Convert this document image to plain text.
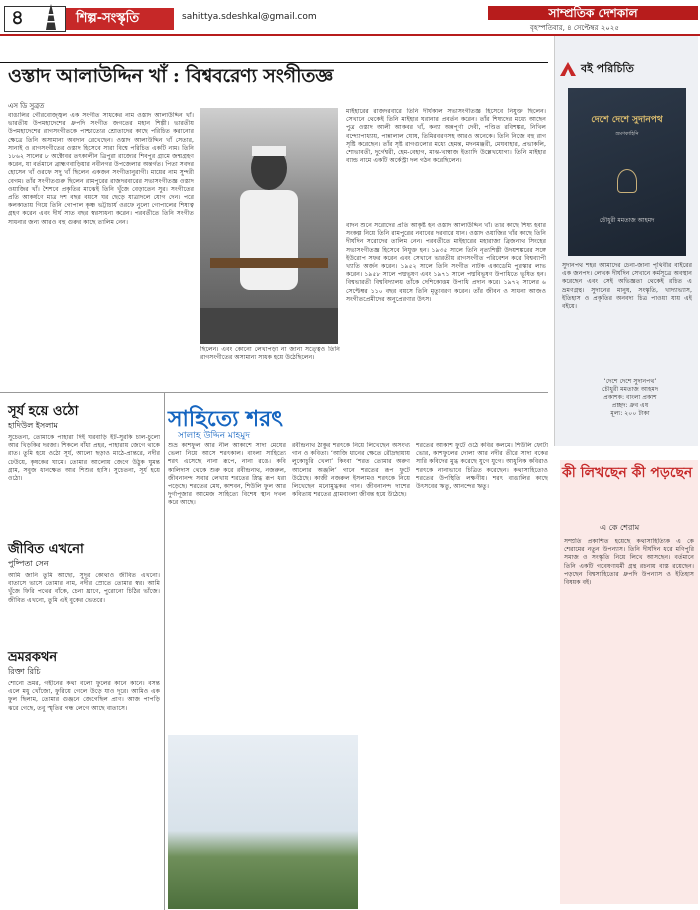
৪	শিল্প-সংস্কৃতি	sahittya.sdeshkal@gmail.com	সাম্প্রতিক দেশকাল
বৃহস্পতিবার, ৪ সেপ্টেম্বর ২০২৫
ওস্তাদ আলাউদ্দিন খাঁ : বিশ্ববরেণ্য সংগীতজ্ঞ
এস ডি সুব্রত
বাঙালির গৌরবোজ্জ্বল এক সংগীত সাধকের নাম ওস্তাদ আলাউদ্দিন খাঁ। ভারতীয় উপমহাদেশের ধ্রুপদি সংগীত জগতের মহান শিল্পী। ভারতীয় উপমহাদেশের রাগসংগীতকে পাশ্চাত্যের শ্রোতাদের কাছে পরিচিত করানোর ক্ষেত্রে তিনি অসামান্য অবদান রেখেছেন। ওস্তাদ আলাউদ্দিন খাঁ সেতার, সানাই ও রাগসংগীতের ওস্তাদ হিসেবে সারা বিশ্বে পরিচিত একটি নাম। তিনি ১৮৬২ সালের ৮ অক্টোবর তৎকালীন ত্রিপুরা রাজ্যের শিবপুর গ্রামে জন্মগ্রহণ করেন, যা বর্তমানে ব্রাহ্মণবাড়িয়ার নবীনগর উপজেলার অন্তর্গত। পিতা সবদর হোসেন খাঁ ওরফে সদু খাঁ ছিলেন একজন সংগীতানুরাগী। মায়ের নাম সুন্দরী বেগম। তাঁর সংগীতগুরু ছিলেন রামপুরের রাজদরবারের সভাসংগীতজ্ঞ ওস্তাদ ওয়াজির খাঁ। শৈশবে প্রকৃতির মাঝেই তিনি খুঁজে বেড়াতেন সুর। সংগীতের প্রতি আকর্ষণে মাত্র দশ বছর বয়সে ঘর ছেড়ে যাত্রাদলে যোগ দেন। পরে কলকাতায় গিয়ে তিনি গোপাল কৃষ্ণ ভট্টাচার্য ওরফে নুলো গোপালের শিষ্যত্ব গ্রহণ করেন এবং দীর্ঘ সাত বছর স্বরসাধনা করেন। পরবর্তীতে তিনি সংগীত সাধনার জন্য আরও বহু গুরুর কাছে তালিম নেন।
ছিলেন। এবং কোনো লেখাপড়া না জানা সত্ত্বেও তিনি রাগসংগীতের অসামান্য সাধক হয়ে উঠেছিলেন।
মাইহারের রাজদরবারে তিনি দীর্ঘকাল সভাসংগীতজ্ঞ হিসেবে নিযুক্ত ছিলেন। সেখানে থেকেই তিনি মাইহার ঘরানার প্রবর্তন করেন। তাঁর শিষ্যদের মধ্যে আছেন পুত্র ওস্তাদ আলী আকবর খাঁ, কন্যা অন্নপূর্ণা দেবী, পণ্ডিত রবিশঙ্কর, নিখিল বন্দ্যোপাধ্যায়, পান্নালাল ঘোষ, তিমিরবরণসহ আরও অনেকে। তিনি নিজে বহু রাগ সৃষ্টি করেছেন। তাঁর সৃষ্ট রাগগুলোর মধ্যে হেমন্ত, মদনমঞ্জরী, মেঘবাহার, প্রভাকলি, শোভাবতী, দুর্গেশ্বরী, হেম-বেহাগ, মাঝ-খাম্বাজ ইত্যাদি উল্লেখযোগ্য। তিনি মাইহার ব্যান্ড নামে একটি অর্কেস্ট্রা দল গঠন করেছিলেন।
বাদন শুনে সরোদের প্রতি আকৃষ্ট হন ওস্তাদ আলাউদ্দিন খাঁ। তার কাছে শিষ্য হবার সংকল্প নিয়ে তিনি রামপুরের নবাবের দরবারে যান। ওস্তাদ ওয়াজির খাঁর কাছে তিনি দীর্ঘদিন সরোদের তালিম নেন। পরবর্তীতে মাইহারের মহারাজা ব্রিজনাথ সিংহের সভাসংগীতজ্ঞ হিসেবে নিযুক্ত হন। ১৯৩৫ সালে তিনি নৃত্যশিল্পী উদয়শঙ্করের সঙ্গে ইউরোপ সফর করেন এবং সেখানে ভারতীয় রাগসংগীত পরিবেশন করে বিশ্বব্যাপী খ্যাতি অর্জন করেন। ১৯৫২ সালে তিনি সংগীত নাটক একাডেমি পুরস্কার লাভ করেন। ১৯৫৮ সালে পদ্মভূষণ এবং ১৯৭১ সালে পদ্মবিভূষণ উপাধিতে ভূষিত হন। বিশ্বভারতী বিশ্ববিদ্যালয় তাঁকে দেশিকোত্তম উপাধি প্রদান করে। ১৯৭২ সালের ৬ সেপ্টেম্বর ১১০ বছর বয়সে তিনি মৃত্যুবরণ করেন। তাঁর জীবন ও সাধনা আজও সংগীতপ্রেমীদের অনুপ্রেরণার উৎস।
সূর্য হয়ে ওঠো
হাদিউল ইসলাম
সুচেতনা, তোমাকে পাহারা দিই ঘরবাড়ি ইট-সুরকি চাল-চুলো আর খিড়কির দরজা। শিকলে বাঁধা প্রহর, পাহারায় জেগে থাকে রাত। তুমি হয়ে ওঠো সূর্য, আলো ছড়াও মাঠে-প্রান্তরে, নদীর ঢেউয়ে, কৃষকের ঘামে। তোমার আলোয় জেগে উঠুক ঘুমন্ত গ্রাম, সবুজ ধানক্ষেত আর শিশুর হাসি। সুচেতনা, সূর্য হয়ে ওঠো।
জীবিত এখনো
পুষ্পিতা সেন
আমি জানি তুমি আছো, সুদূর কোথাও জীবিত এখনো। বাতাসে ভাসে তোমার নাম, নদীর স্রোতে তোমার স্বর। আমি খুঁজে ফিরি পথের বাঁকে, চেনা ঘ্রাণে, পুরোনো চিঠির ভাঁজে। জীবিত এখনো, তুমি এই বুকের ভেতরে।
ভ্রমরকথন
রিক্তা রিচি
শোনো ভ্রমর, গহীনের কথা বলো ফুলের কানে কানে। বসন্ত এলে মধু খোঁজো, ফুরিয়ে গেলে উড়ে যাও দূরে। আমিও এক ফুল ছিলাম, তোমার গুঞ্জনে জেগেছিল প্রাণ। আজ পাপড়ি ঝরে গেছে, তবু স্মৃতির গন্ধ লেগে আছে বাতাসে।
সাহিত্যে শরৎ
সালাহ উদ্দিন মাহমুদ
শুভ্র কাশফুল আর নীল আকাশে সাদা মেঘের ভেলা নিয়ে আসে শরৎকাল। বাংলা সাহিত্যে শরৎ এসেছে নানা রূপে, নানা রঙে। কবি কালিদাস থেকে শুরু করে রবীন্দ্রনাথ, নজরুল, জীবনানন্দ সবার লেখায় শরতের স্নিগ্ধ রূপ ধরা পড়েছে। শরতের মেঘ, কাশবন, শিউলি ফুল আর দুর্গাপূজার আমেজ সাহিত্যে বিশেষ স্থান দখল করে আছে।
রবীন্দ্রনাথ ঠাকুর শরৎকে নিয়ে লিখেছেন অসংখ্য গান ও কবিতা। ‘আজি ধানের ক্ষেতে রৌদ্রছায়ায় লুকোচুরি খেলা’ কিংবা ‘শরত তোমার অরুণ আলোর অঞ্জলি’ গানে শরতের রূপ ফুটে উঠেছে। কাজী নজরুল ইসলামও শরৎকে নিয়ে লিখেছেন মনোমুগ্ধকর গান। জীবনানন্দ দাশের কবিতায় শরতের গ্রামবাংলা জীবন্ত হয়ে উঠেছে।
শরতের আকাশ ফুটে ওঠে কবির কলমে। শিউলি ফোটা ভোর, কাশফুলের দোলা আর নদীর তীরে সাদা বকের সারি কবিদের মুগ্ধ করেছে যুগে যুগে। আধুনিক কবিরাও শরৎকে নানাভাবে চিত্রিত করেছেন। কথাসাহিত্যেও শরতের উপস্থিতি লক্ষণীয়। শরৎ বাঙালির কাছে উৎসবের ঋতু, আনন্দের ঋতু।
বই পরিচিতি
দেশে দেশে সুদানপথ
ভ্রমণকাহিনি
চৌধুরী মমতাজ আহমদ
সুদানপথ শহর আমাদের চেনা-জানা পৃথিবীর বাইরের এক জনপদ। লেখক দীর্ঘদিন সেখানে কর্মসূত্রে অবস্থান করেছেন এবং সেই অভিজ্ঞতা থেকেই রচিত এ ভ্রমণগ্রন্থ। সুদানের মানুষ, সংস্কৃতি, খাদ্যাভ্যাস, ইতিহাস ও প্রকৃতির অনবদ্য চিত্র পাওয়া যায় এই বইয়ে।
‘দেশে দেশে সুদানপথ’
চৌধুরী মমতাজ আহমদ
প্রকাশক: বাংলা প্রকাশ
প্রচ্ছদ: ধ্রুব এষ
মূল্য: ২০০ টাকা
কী লিখছেন কী পড়ছেন
এ কে শেরাম
সম্প্রতি প্রকাশিত হয়েছে কথাসাহিত্যিক এ কে শেরামের নতুন উপন্যাস। তিনি দীর্ঘদিন ধরে মণিপুরি সমাজ ও সংস্কৃতি নিয়ে লিখে আসছেন। বর্তমানে তিনি একটি গবেষণাধর্মী গ্রন্থ রচনায় ব্যস্ত রয়েছেন। পড়ছেন বিশ্বসাহিত্যের ধ্রুপদি উপন্যাস ও ইতিহাস বিষয়ক বই।
